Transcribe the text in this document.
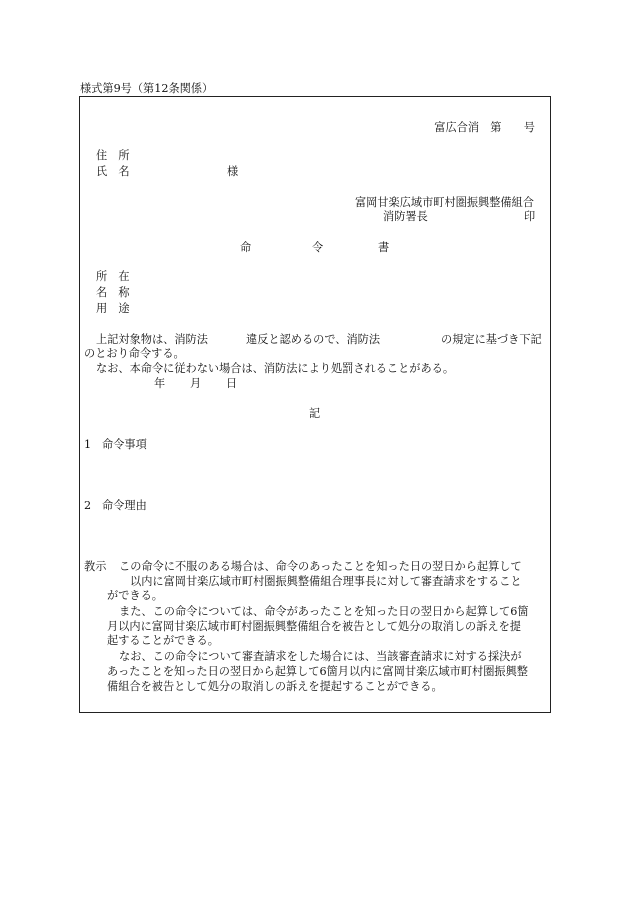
様式第9号（第12条関係）
富広合消　第　　号
住　所
氏　名	様
富岡甘楽広域市町村圏振興整備組合
消防署長	印
命	令	書
所　在
名　称
用　途
上記対象物は、消防法	違反と認めるので、消防法	の規定に基づき下記
のとおり命令する。
なお、本命令に従わない場合は、消防法により処罰されることがある。
年 月 日
記
1 命令事項
2 命令理由
教示 この命令に不服のある場合は、命令のあったことを知った日の翌日から起算して
以内に富岡甘楽広域市町村圏振興整備組合理事長に対して審査請求をすること
ができる。
また、この命令については、命令があったことを知った日の翌日から起算して6箇
月以内に富岡甘楽広域市町村圏振興整備組合を被告として処分の取消しの訴えを提
起することができる。
なお、この命令について審査請求をした場合には、当該審査請求に対する採決が
あったことを知った日の翌日から起算して6箇月以内に富岡甘楽広域市町村圏振興整
備組合を被告として処分の取消しの訴えを提起することができる。
